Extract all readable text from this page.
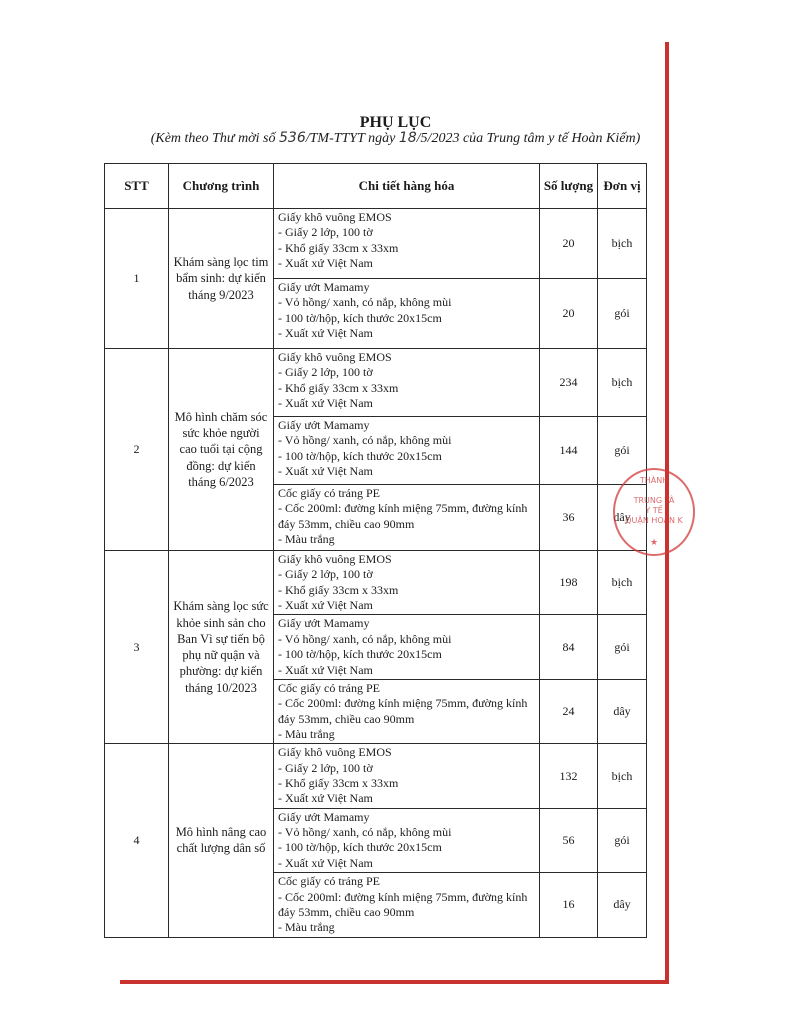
PHỤ LỤC
(Kèm theo Thư mời số 536/TM-TTYT ngày 18/5/2023 của Trung tâm y tế Hoàn Kiếm)
STT	Chương trình	Chi tiết hàng hóa	Số lượng	Đơn vị
1	Khám sàng lọc tim bẩm sinh: dự kiến tháng 9/2023	Giấy khô vuông EMOS
- Giấy 2 lớp, 100 tờ
- Khổ giấy 33cm x 33xm
- Xuất xứ Việt Nam	20	bịch

		Giấy ướt Mamamy
- Vỏ hồng/ xanh, có nắp, không mùi
- 100 tờ/hộp, kích thước 20x15cm
- Xuất xứ Việt Nam	20	gói
2	Mô hình chăm sóc sức khỏe người cao tuổi tại cộng đồng: dự kiến tháng 6/2023	Giấy khô vuông EMOS
- Giấy 2 lớp, 100 tờ
- Khổ giấy 33cm x 33xm
- Xuất xứ Việt Nam	234	bịch

		Giấy ướt Mamamy
- Vỏ hồng/ xanh, có nắp, không mùi
- 100 tờ/hộp, kích thước 20x15cm
- Xuất xứ Việt Nam	144	gói

		Cốc giấy có tráng PE
- Cốc 200ml: đường kính miệng 75mm, đường kính đáy 53mm, chiều cao 90mm
- Màu trắng	36	dây
3	Khám sàng lọc sức khỏe sinh sản cho Ban Vì sự tiến bộ phụ nữ quận và phường: dự kiến tháng 10/2023	Giấy khô vuông EMOS
- Giấy 2 lớp, 100 tờ
- Khổ giấy 33cm x 33xm
- Xuất xứ Việt Nam	198	bịch

		Giấy ướt Mamamy
- Vỏ hồng/ xanh, có nắp, không mùi
- 100 tờ/hộp, kích thước 20x15cm
- Xuất xứ Việt Nam	84	gói

		Cốc giấy có tráng PE
- Cốc 200ml: đường kính miệng 75mm, đường kính đáy 53mm, chiều cao 90mm
- Màu trắng	24	dây
4	Mô hình nâng cao chất lượng dân số	Giấy khô vuông EMOS
- Giấy 2 lớp, 100 tờ
- Khổ giấy 33cm x 33xm
- Xuất xứ Việt Nam	132	bịch

		Giấy ướt Mamamy
- Vỏ hồng/ xanh, có nắp, không mùi
- 100 tờ/hộp, kích thước 20x15cm
- Xuất xứ Việt Nam	56	gói

		Cốc giấy có tráng PE
- Cốc 200ml: đường kính miệng 75mm, đường kính đáy 53mm, chiều cao 90mm
- Màu trắng	16	dây
THÀNH
TRUNG TÂ
Y TẾ
QUẬN HOÀN K
★
